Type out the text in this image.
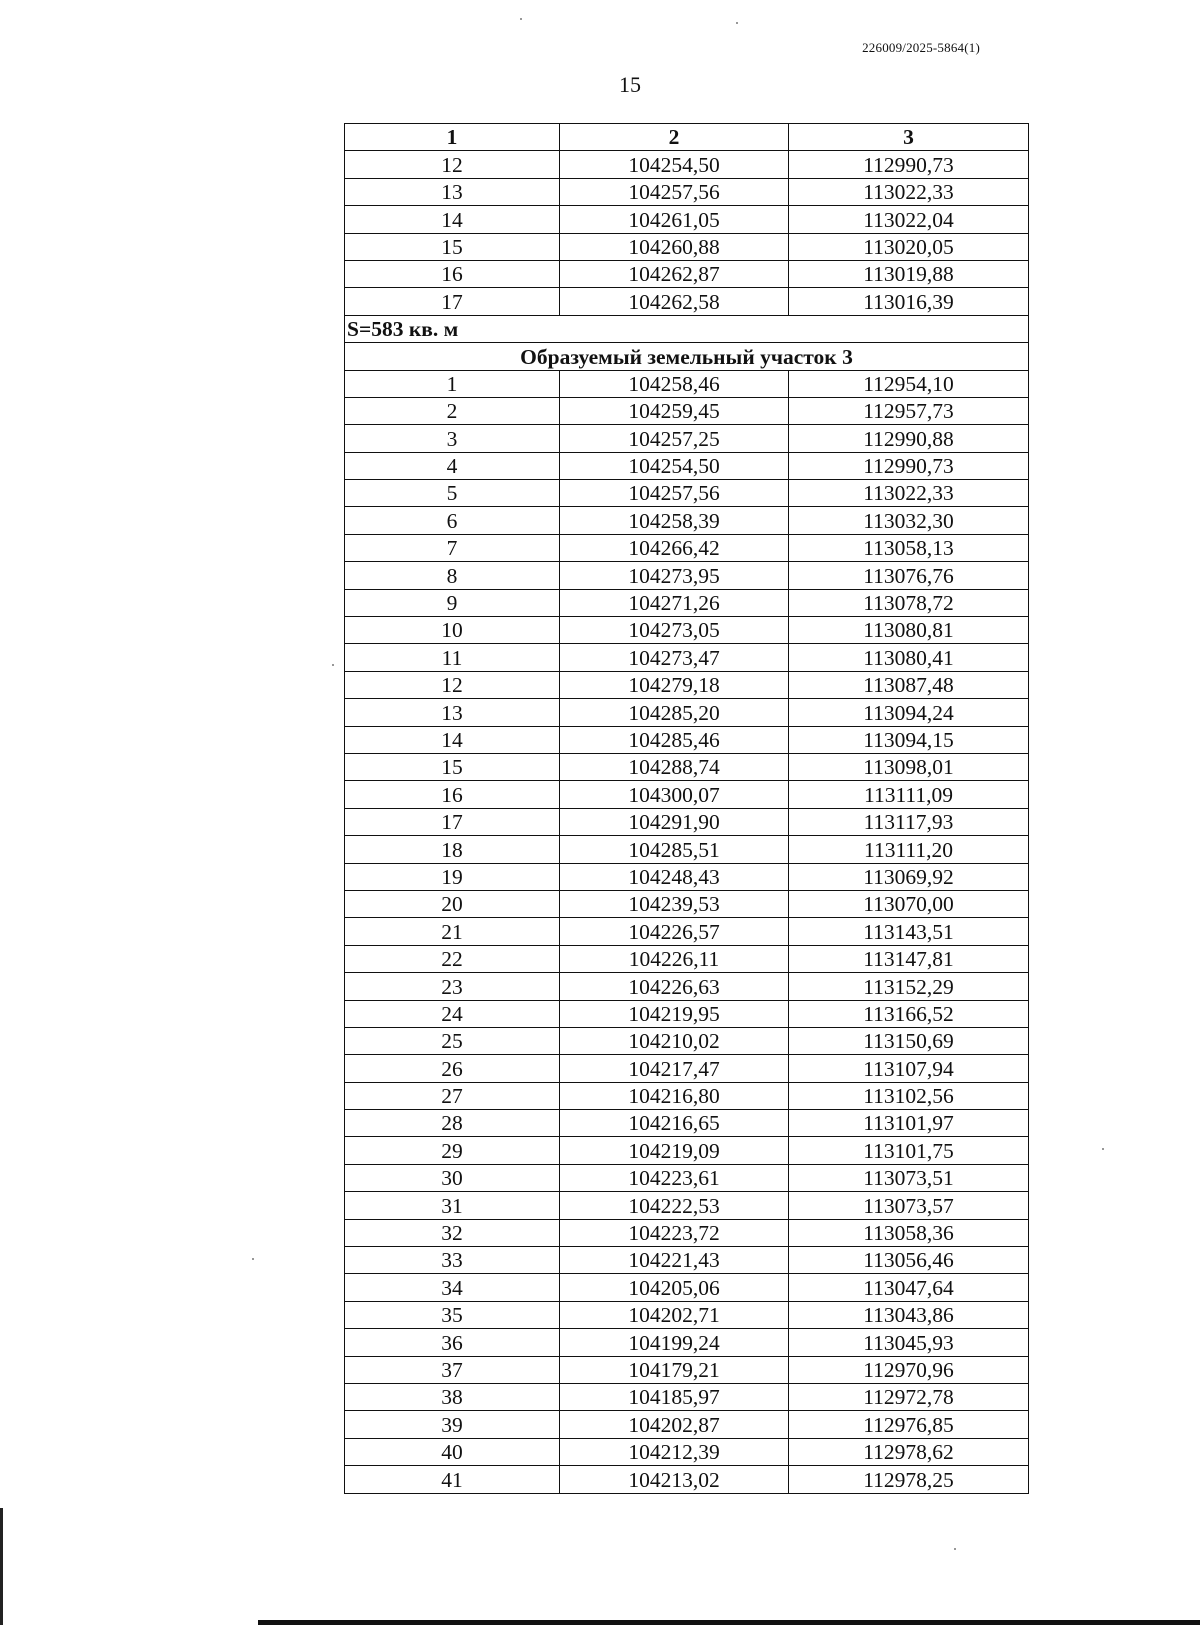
226009/2025-5864(1)
15
1	2	3
12	104254,50	112990,73
13	104257,56	113022,33
14	104261,05	113022,04
15	104260,88	113020,05
16	104262,87	113019,88
17	104262,58	113016,39
S=583 кв. м		
Образуемый земельный участок 3		
1	104258,46	112954,10
2	104259,45	112957,73
3	104257,25	112990,88
4	104254,50	112990,73
5	104257,56	113022,33
6	104258,39	113032,30
7	104266,42	113058,13
8	104273,95	113076,76
9	104271,26	113078,72
10	104273,05	113080,81
11	104273,47	113080,41
12	104279,18	113087,48
13	104285,20	113094,24
14	104285,46	113094,15
15	104288,74	113098,01
16	104300,07	113111,09
17	104291,90	113117,93
18	104285,51	113111,20
19	104248,43	113069,92
20	104239,53	113070,00
21	104226,57	113143,51
22	104226,11	113147,81
23	104226,63	113152,29
24	104219,95	113166,52
25	104210,02	113150,69
26	104217,47	113107,94
27	104216,80	113102,56
28	104216,65	113101,97
29	104219,09	113101,75
30	104223,61	113073,51
31	104222,53	113073,57
32	104223,72	113058,36
33	104221,43	113056,46
34	104205,06	113047,64
35	104202,71	113043,86
36	104199,24	113045,93
37	104179,21	112970,96
38	104185,97	112972,78
39	104202,87	112976,85
40	104212,39	112978,62
41	104213,02	112978,25
